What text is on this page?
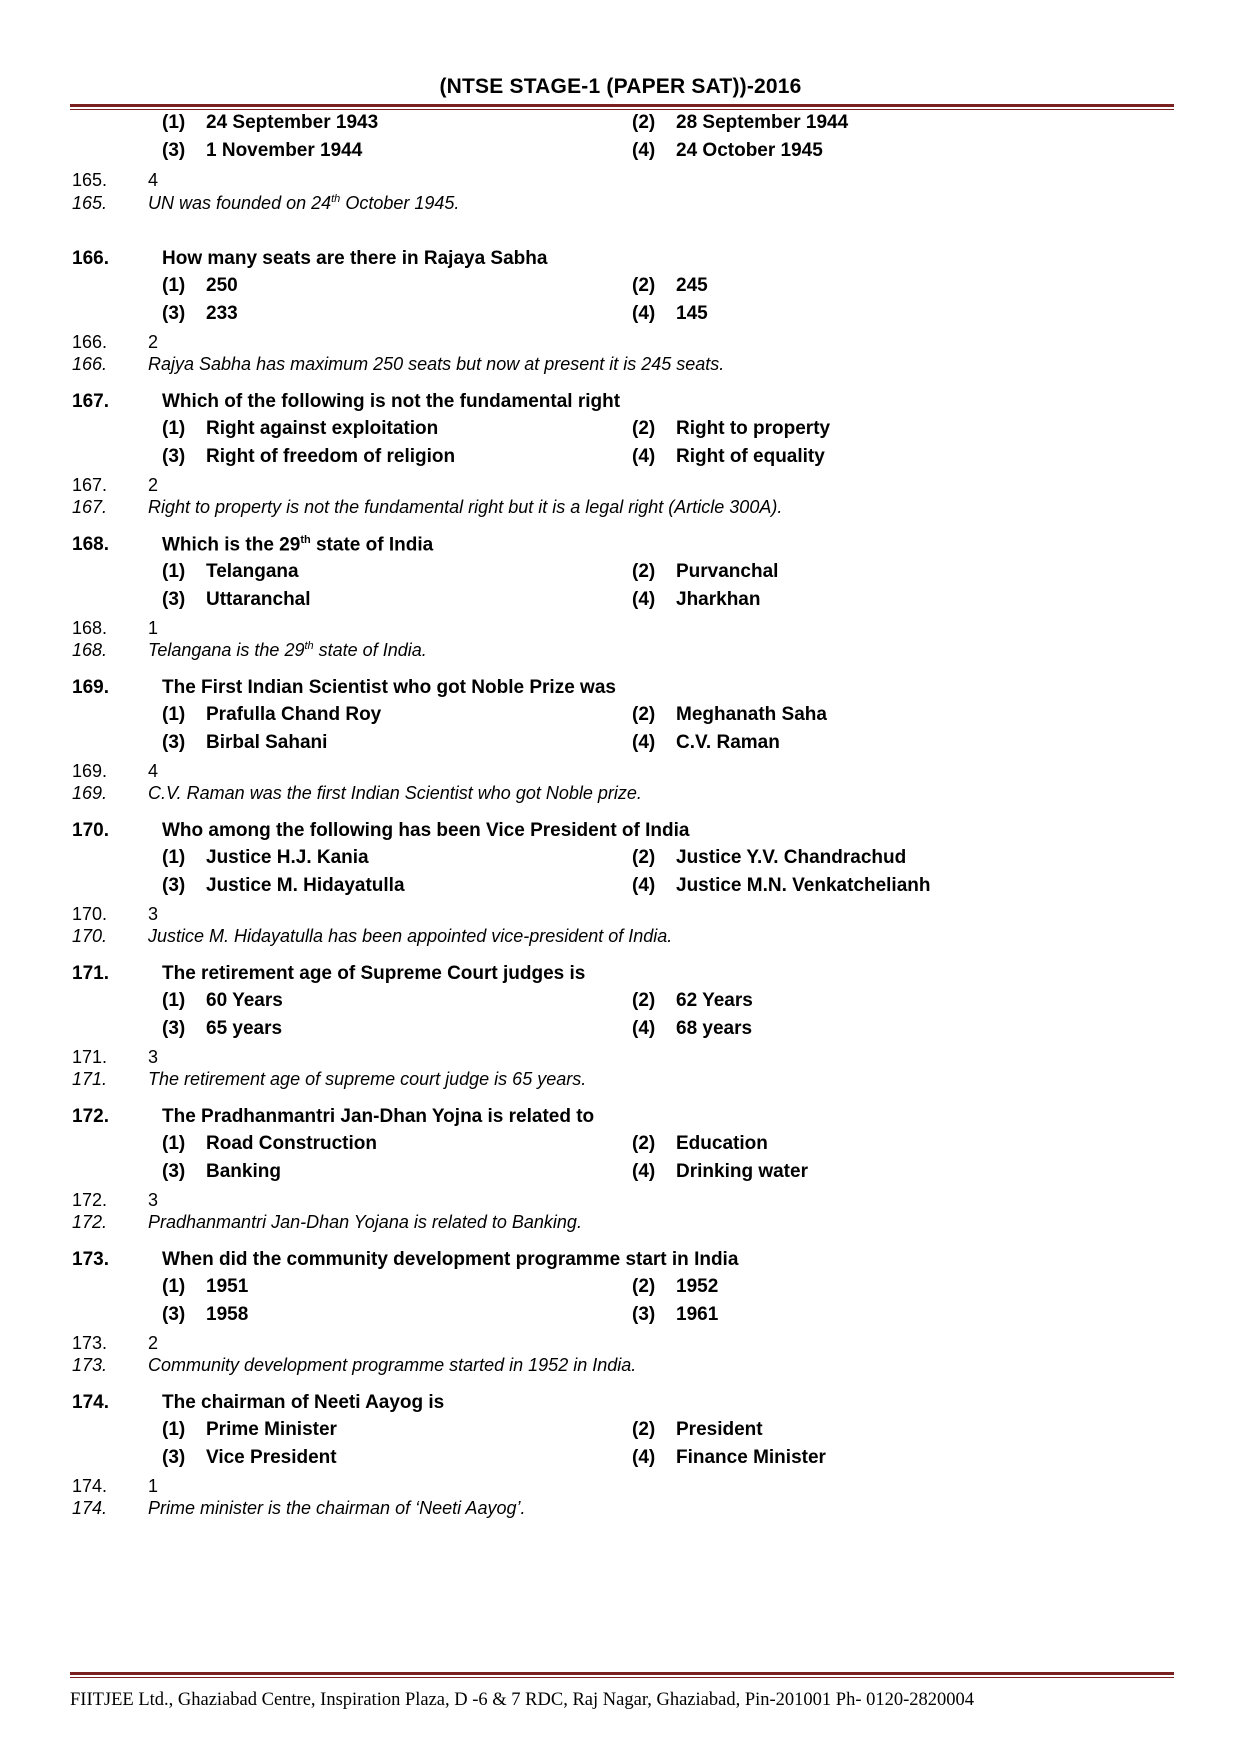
(NTSE STAGE-1 (PAPER SAT))-2016
(1) 24 September 1943	(2) 28 September 1944
(3) 1 November 1944	(4) 24 October 1945
165. 4
165. UN was founded on 24th October 1945.
166.	How many seats are there in Rajaya Sabha
(1) 250	(2) 245
(3) 233	(4) 145
166. 2
166. Rajya Sabha has maximum 250 seats but now at present it is 245 seats.
167.	Which of the following is not the fundamental right
(1) Right against exploitation	(2) Right to property
(3) Right of freedom of religion	(4) Right of equality
167. 2
167. Right to property is not the fundamental right but it is a legal right (Article 300A).
168.	Which is the 29th state of India
(1) Telangana	(2) Purvanchal
(3) Uttaranchal	(4) Jharkhan
168. 1
168. Telangana is the 29th state of India.
169.	The First Indian Scientist who got Noble Prize was
(1) Prafulla Chand Roy	(2) Meghanath Saha
(3) Birbal Sahani	(4) C.V. Raman
169. 4
169. C.V. Raman was the first Indian Scientist who got Noble prize.
170.	Who among the following has been Vice President of India
(1) Justice H.J. Kania	(2) Justice Y.V. Chandrachud
(3) Justice M. Hidayatulla	(4) Justice M.N. Venkatchelianh
170. 3
170. Justice M. Hidayatulla has been appointed vice-president of India.
171.	The retirement age of Supreme Court judges is
(1) 60 Years	(2) 62 Years
(3) 65 years	(4) 68 years
171. 3
171. The retirement age of supreme court judge is 65 years.
172.	The Pradhanmantri Jan-Dhan Yojna is related to
(1) Road Construction	(2) Education
(3) Banking	(4) Drinking water
172. 3
172. Pradhanmantri Jan-Dhan Yojana is related to Banking.
173.	When did the community development programme start in India
(1) 1951	(2) 1952
(3) 1958	(3) 1961
173. 2
173. Community development programme started in 1952 in India.
174.	The chairman of Neeti Aayog is
(1) Prime Minister	(2) President
(3) Vice President	(4) Finance Minister
174. 1
174. Prime minister is the chairman of ‘Neeti Aayog’.
FIITJEE Ltd., Ghaziabad Centre, Inspiration Plaza, D -6 & 7 RDC, Raj Nagar, Ghaziabad, Pin-201001 Ph- 0120-2820004
